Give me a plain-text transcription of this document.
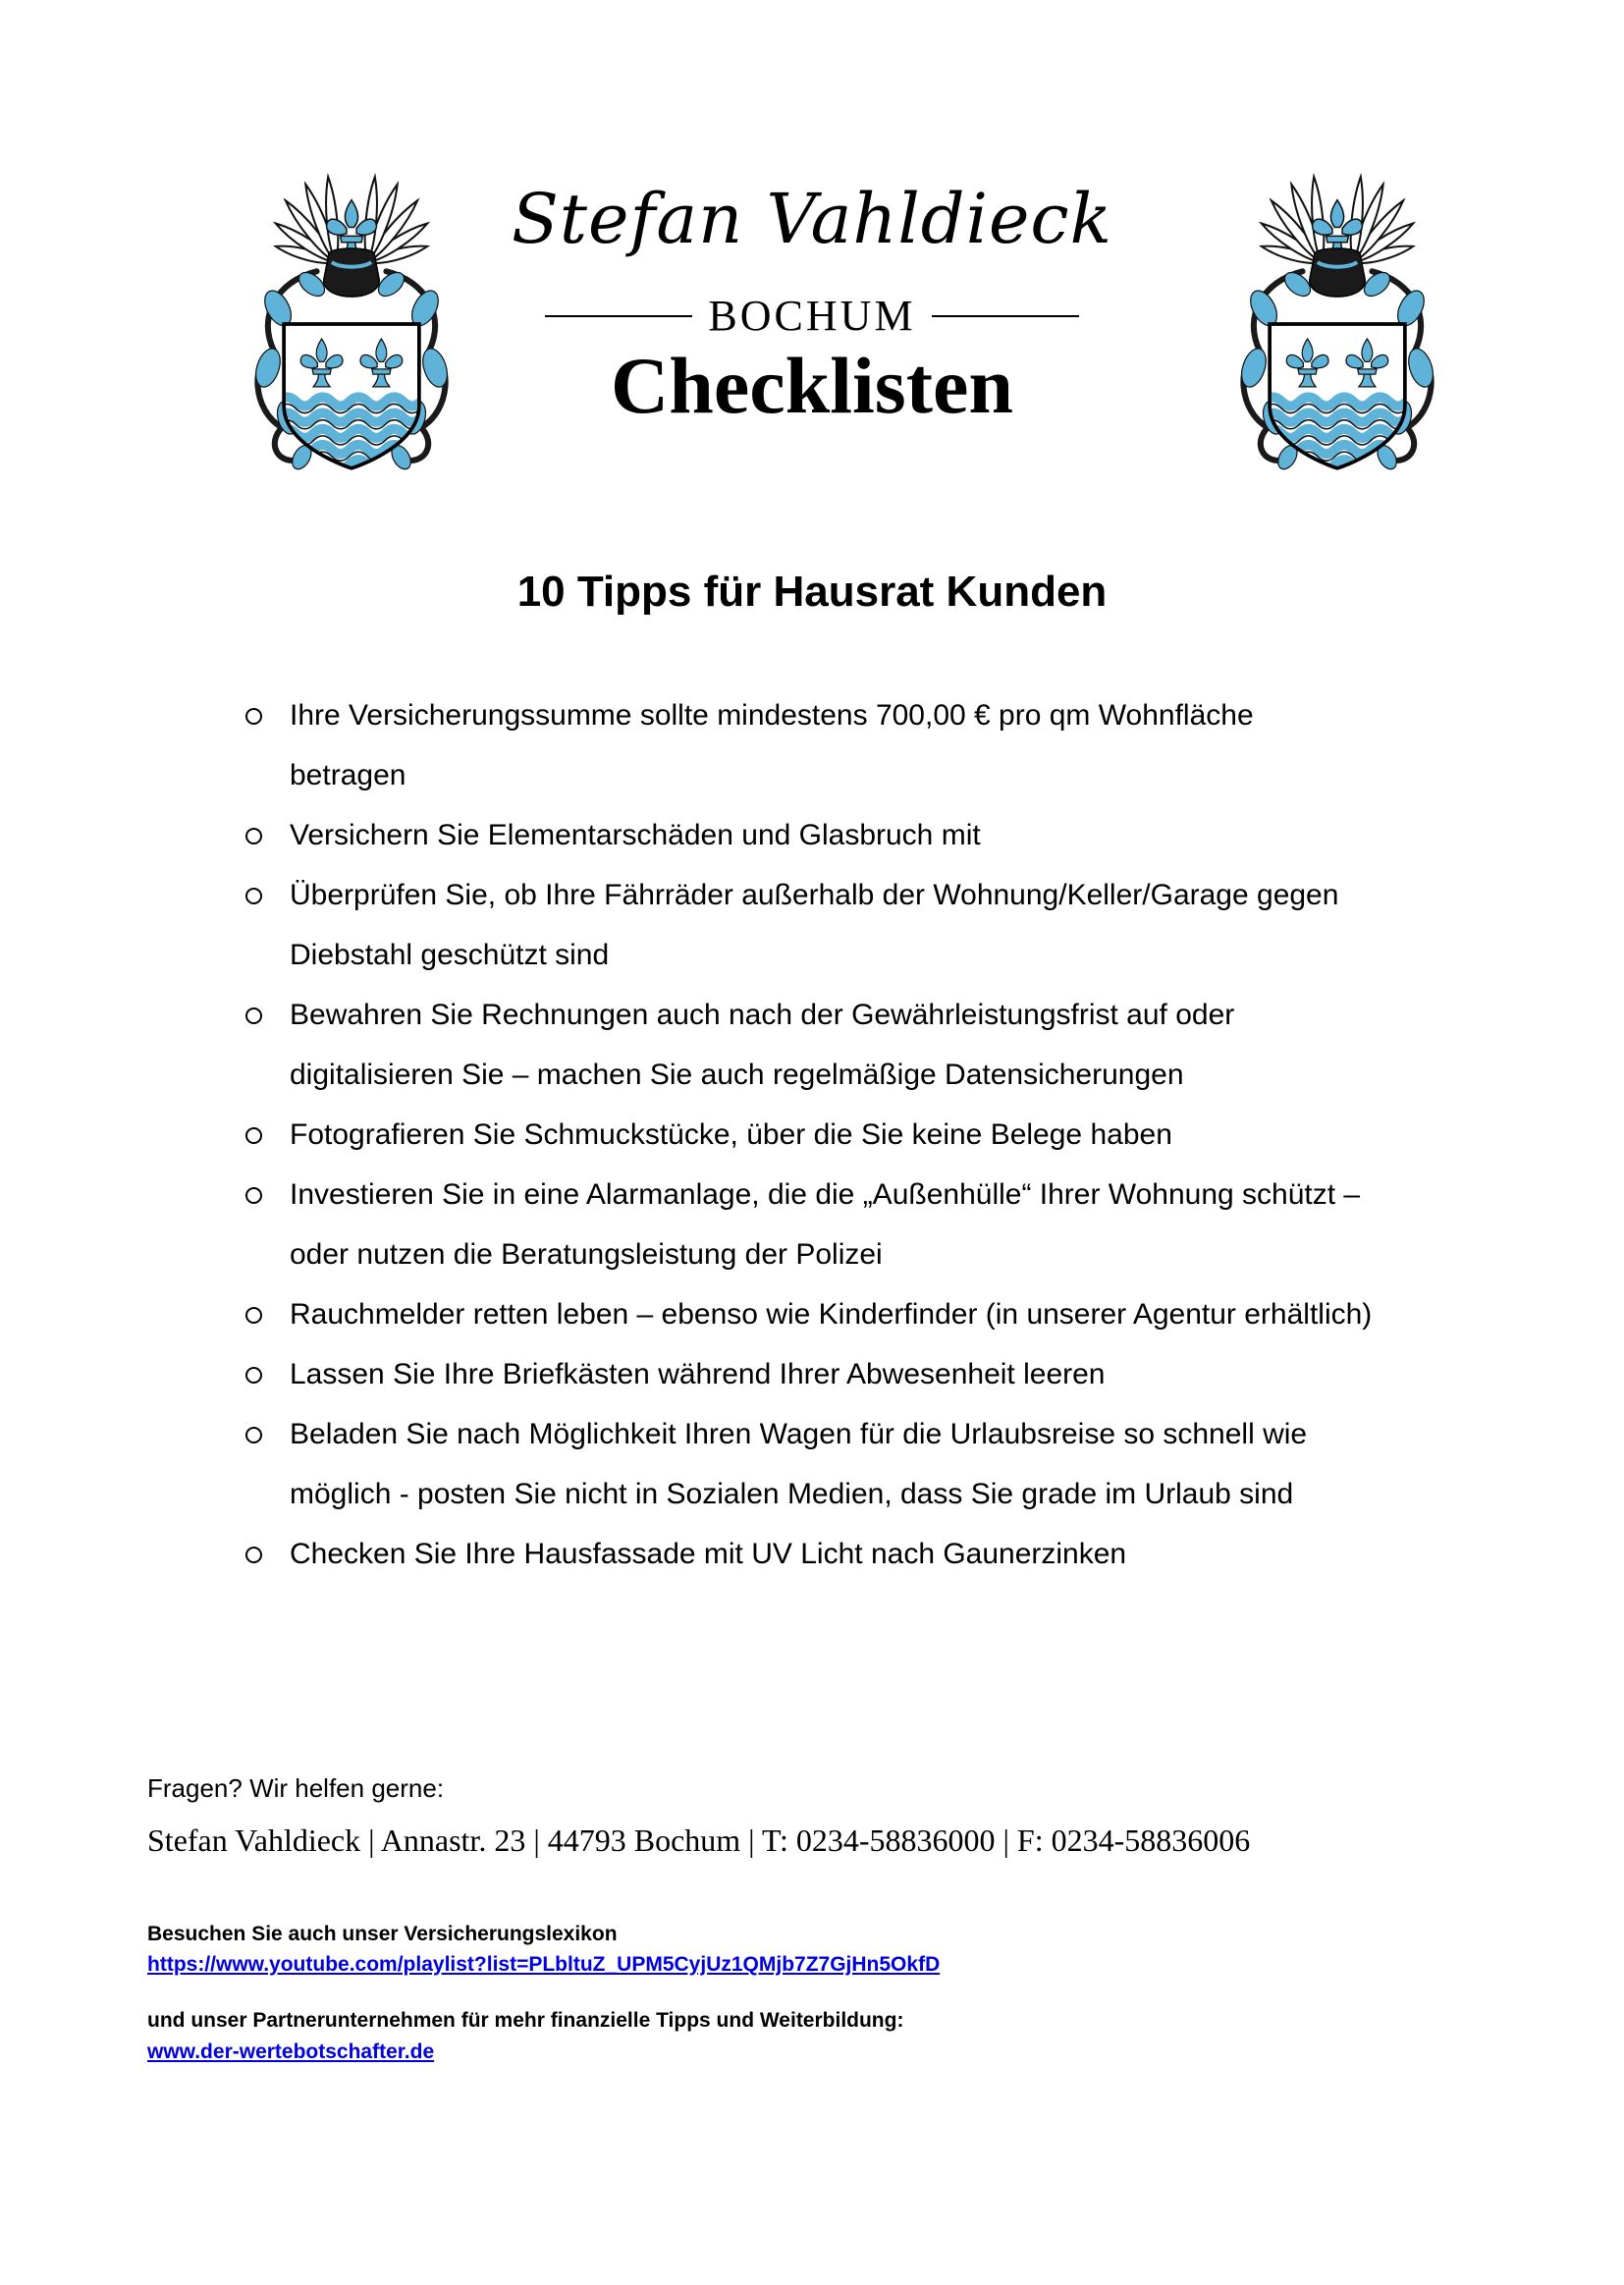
Stefan Vahldieck
BOCHUM
Checklisten
10 Tipps für Hausrat Kunden
Ihre Versicherungssumme sollte mindestens 700,00 € pro qm Wohnfläche betragen
Versichern Sie Elementarschäden und Glasbruch mit
Überprüfen Sie, ob Ihre Fährräder außerhalb der Wohnung/Keller/Garage gegen Diebstahl geschützt sind
Bewahren Sie Rechnungen auch nach der Gewährleistungsfrist auf oder digitalisieren Sie – machen Sie auch regelmäßige Datensicherungen
Fotografieren Sie Schmuckstücke, über die Sie keine Belege haben
Investieren Sie in eine Alarmanlage, die die „Außenhülle“ Ihrer Wohnung schützt – oder nutzen die Beratungsleistung der Polizei
Rauchmelder retten leben – ebenso wie Kinderfinder (in unserer Agentur erhältlich)
Lassen Sie Ihre Briefkästen während Ihrer Abwesenheit leeren
Beladen Sie nach Möglichkeit Ihren Wagen für die Urlaubsreise so schnell wie möglich - posten Sie nicht in Sozialen Medien, dass Sie grade im Urlaub sind
Checken Sie Ihre Hausfassade mit UV Licht nach Gaunerzinken
Fragen? Wir helfen gerne:
Stefan Vahldieck | Annastr. 23 | 44793 Bochum | T: 0234-58836000 | F: 0234-58836006
Besuchen Sie auch unser Versicherungslexikon
https://www.youtube.com/playlist?list=PLbltuZ_UPM5CyjUz1QMjb7Z7GjHn5OkfD
und unser Partnerunternehmen für mehr finanzielle Tipps und Weiterbildung:
www.der-wertebotschafter.de
